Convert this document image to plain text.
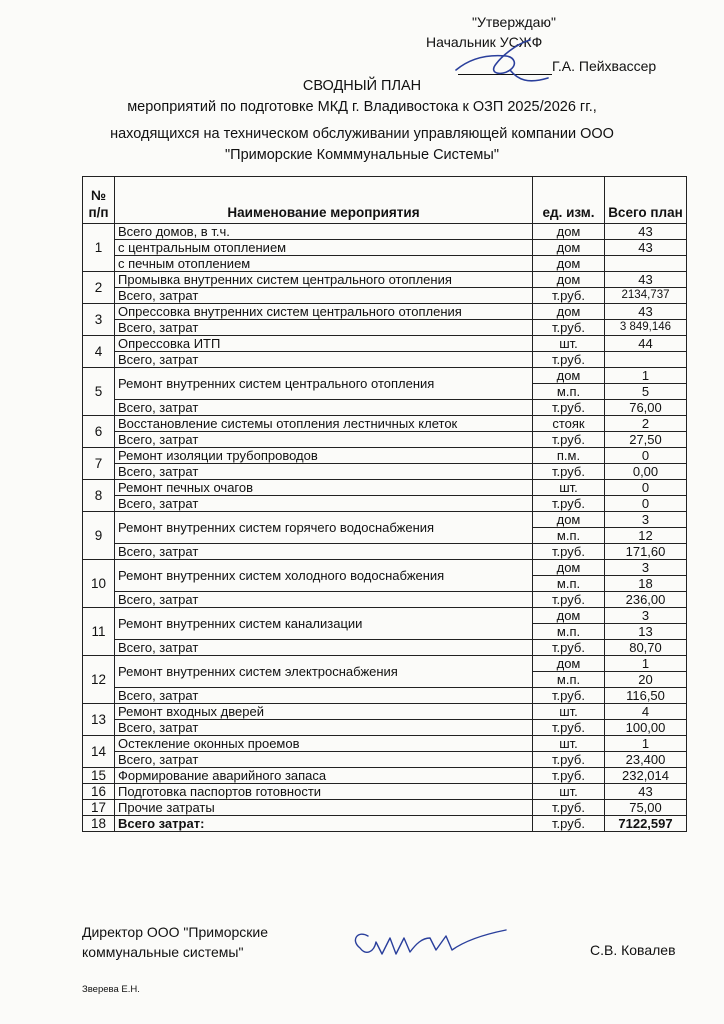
"Утверждаю"
Начальник УСЖФ
Г.А. Пейхвассер
СВОДНЫЙ ПЛАН
мероприятий по подготовке МКД г. Владивостока к ОЗП 2025/2026 гг.,
находящихся на техническом обслуживании управляющей компании ООО
"Приморские Комммунальные Системы"
№ п/п	Наименование мероприятия	ед. изм.	Всего план
1	Всего домов, в т.ч.	дом	43
	с центральным отоплением	дом	43
	с печным отоплением	дом	
2	Промывка внутренних систем центрального отопления	дом	43
	Всего, затрат	т.руб.	2134,737
3	Опрессовка внутренних систем центрального отопления	дом	43
	Всего, затрат	т.руб.	3 849,146
4	Опрессовка ИТП	шт.	44
	Всего, затрат	т.руб.	
5	Ремонт внутренних систем центрального отопления	дом	1
		м.п.	5
	Всего, затрат	т.руб.	76,00
6	Восстановление системы отопления лестничных клеток	стояк	2
	Всего, затрат	т.руб.	27,50
7	Ремонт изоляции трубопроводов	п.м.	0
	Всего, затрат	т.руб.	0,00
8	Ремонт печных очагов	шт.	0
	Всего, затрат	т.руб.	0
9	Ремонт внутренних систем горячего водоснабжения	дом	3
		м.п.	12
	Всего, затрат	т.руб.	171,60
10	Ремонт внутренних систем холодного водоснабжения	дом	3
		м.п.	18
	Всего, затрат	т.руб.	236,00
11	Ремонт внутренних систем канализации	дом	3
		м.п.	13
	Всего, затрат	т.руб.	80,70
12	Ремонт внутренних систем электроснабжения	дом	1
		м.п.	20
	Всего, затрат	т.руб.	116,50
13	Ремонт входных дверей	шт.	4
	Всего, затрат	т.руб.	100,00
14	Остекление оконных проемов	шт.	1
	Всего, затрат	т.руб.	23,400
15	Формирование аварийного запаса	т.руб.	232,014
16	Подготовка паспортов готовности	шт.	43
17	Прочие затраты	т.руб.	75,00
18	Всего затрат:	т.руб.	7122,597
Директор ООО "Приморские
коммунальные системы"	С.В. Ковалев
Зверева Е.Н.
